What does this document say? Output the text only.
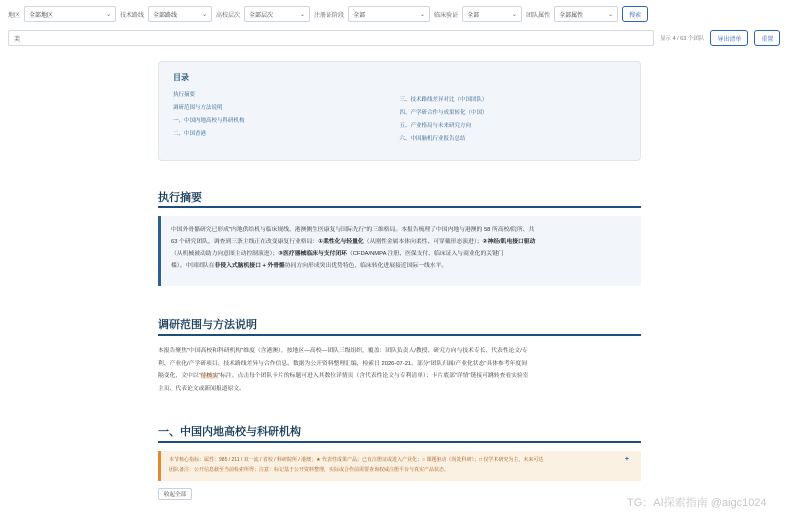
地区 全部地区	⌄ 技术路线 全部路线	⌄ 高校层次 全部层次	⌄ 注册证阶段 全部	⌄ 临床验证 全部	⌄ 团队属性 全部属性	⌄	搜索
芙	显示 4 / 63 个团队	导出清单	重置
目录
执行摘要
调研范围与方法说明
一、中国内地高校与科研机构
二、中国香港
三、技术路线差异对比（中国团队）
四、产学研合作与成果转化（中国）
五、产业格局与未来研究方向
六、中国脑机行业报告总结
执行摘要
中国外骨骼研究已形成"内地供给机与临床规线、港澳侧生医康复与国际先行"的三维格局。本报告梳理了中国内地与港澳的 58 所高校/院所、共
63 个研究团队，调查到三条主线正在改变康复行业格局：①柔性化与轻量化（从刚性金属本体向柔性、可穿戴形态演进）；②神经/肌电接口驱动
（从机械被动助力向意图主动控制演进）；③医疗器械临床与支付闭环（CFDA/NMPA 注册、医保支付、临床证入与商业化的关键门
槛）。中国团队在非侵入式脑机接口 + 外骨骼协同方向形成突出优势特色，临床转化进展接近国际一线水平。
调研范围与方法说明
本报告聚焦"中国高校和科研机构"维度（含港澳），按地区—高校—团队三级组织，覆盖：团队负责人/教授、研究方向与技术专长、代表性论文/专
利、产业化/产学研项目、技术路线差异与合作信息。数据为公开资料整理汇编，检索日 2026-07-21。部分"团队归属/产业化状态"具体参考年度间
隔变化，文中以"待核实"标注。点击每个团队卡片的标题可进入其数位详情页（含代表性论文与专利清单）；卡片底部"详情"链接可跳转查看实验室
主页、代表论文或新闻报道原文。
一、中国内地高校与科研机构
本节核心指标：属性：985 / 211 / 双一流 / 省校 / 科研院所 / 港澳；★ 代表性成果产品；已有注册证或进入产业化；○ 课题驱动（尚处科研）；□ 仅学术研究为主，未来可达
团队备注：公开信息截至当前检索所得；注意：标记基于公开资料整理，实际或合作前需要查询权威注册平台与真实产品状态。
+
收起全部
TG：AI探索指南 @aigc1024
